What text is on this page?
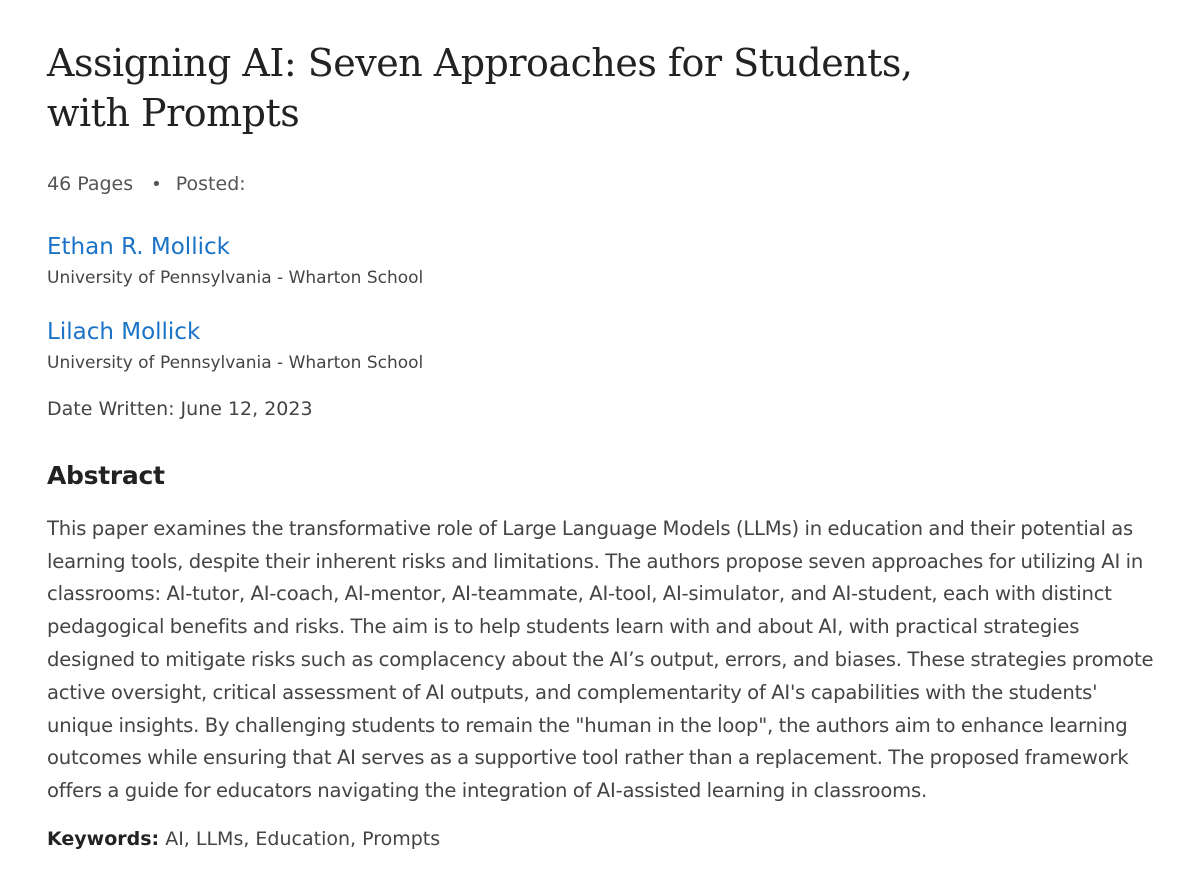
Assigning AI: Seven Approaches for Students, with Prompts
46 Pages • Posted:
Ethan R. Mollick
University of Pennsylvania - Wharton School
Lilach Mollick
University of Pennsylvania - Wharton School
Date Written: June 12, 2023
Abstract
This paper examines the transformative role of Large Language Models (LLMs) in education and their potential as learning tools, despite their inherent risks and limitations. The authors propose seven approaches for utilizing AI in classrooms: AI-tutor, AI-coach, AI-mentor, AI-teammate, AI-tool, AI-simulator, and AI-student, each with distinct pedagogical benefits and risks. The aim is to help students learn with and about AI, with practical strategies designed to mitigate risks such as complacency about the AI’s output, errors, and biases. These strategies promote active oversight, critical assessment of AI outputs, and complementarity of AI's capabilities with the students' unique insights. By challenging students to remain the "human in the loop", the authors aim to enhance learning outcomes while ensuring that AI serves as a supportive tool rather than a replacement. The proposed framework offers a guide for educators navigating the integration of AI-assisted learning in classrooms.
Keywords: AI, LLMs, Education, Prompts
